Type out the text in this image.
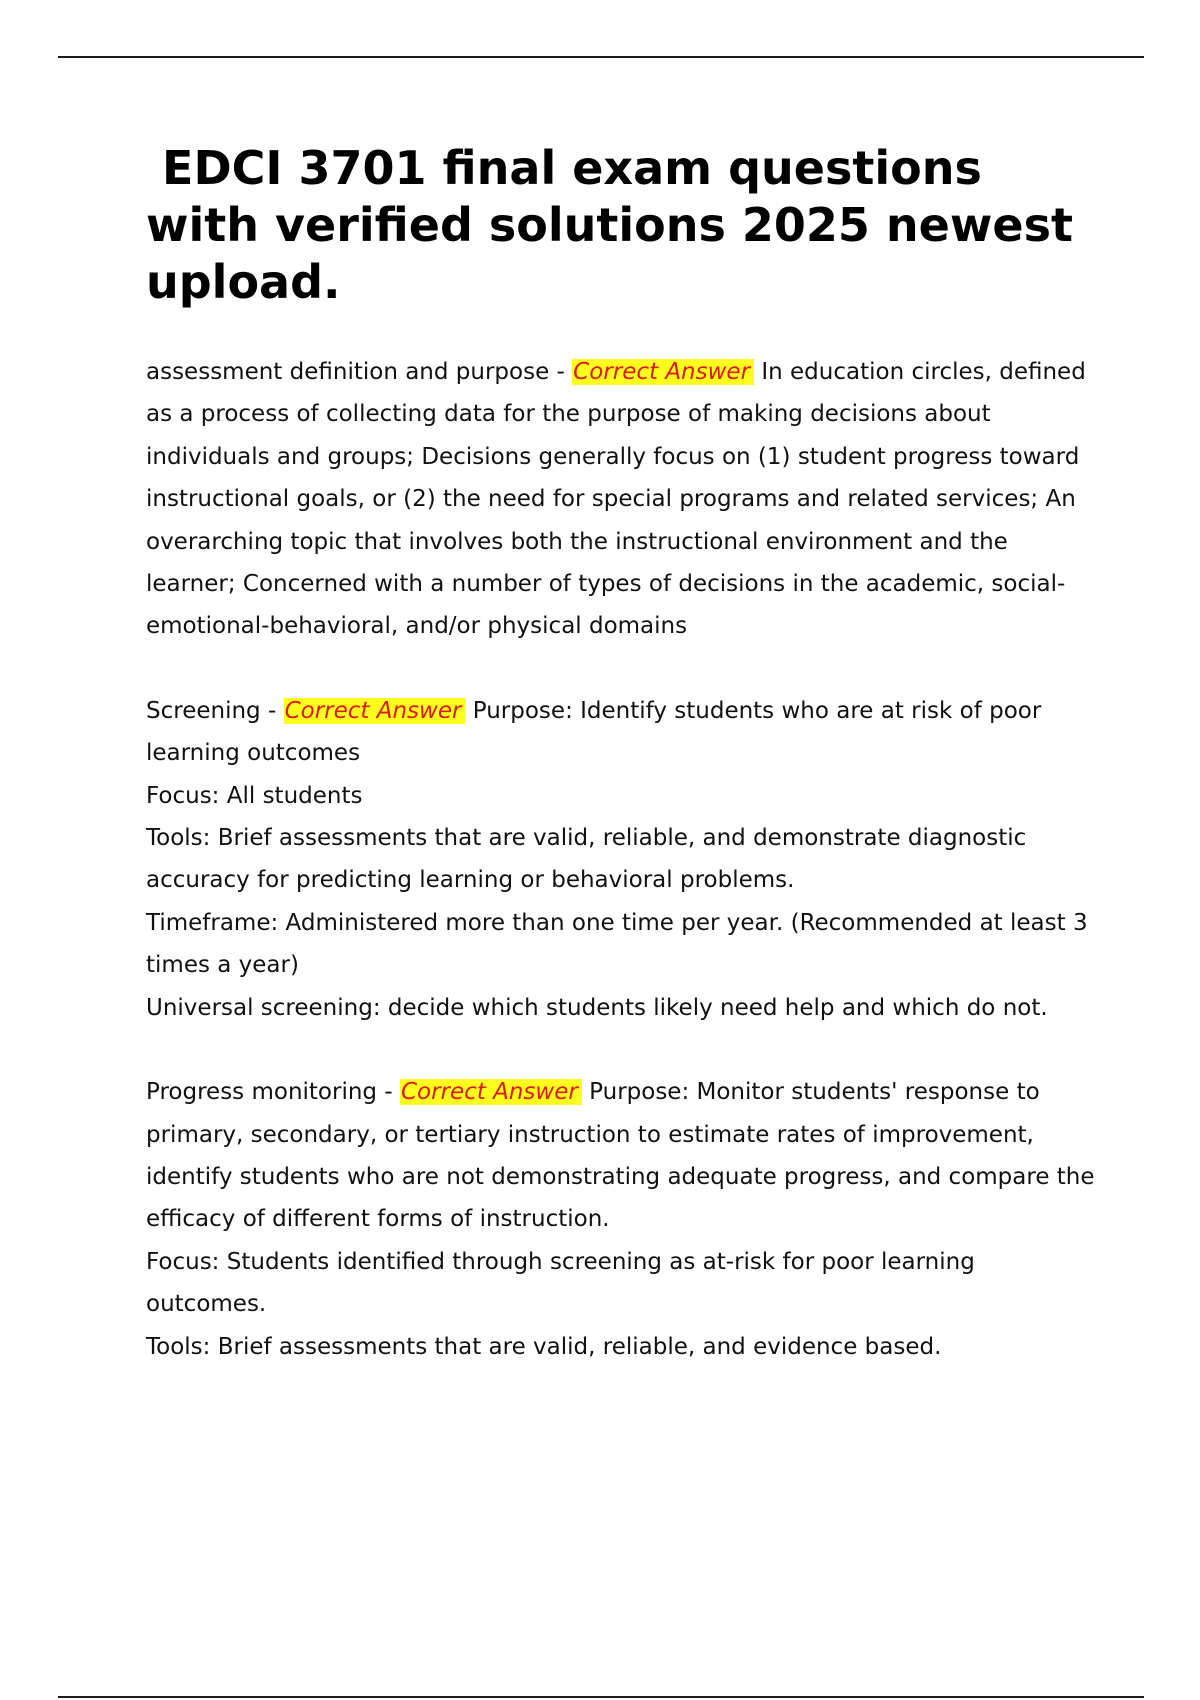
EDCI 3701 final exam questions with verified solutions 2025 newest upload.

assessment definition and purpose - Correct Answer In education circles, defined as a process of collecting data for the purpose of making decisions about individuals and groups; Decisions generally focus on (1) student progress toward instructional goals, or (2) the need for special programs and related services; An overarching topic that involves both the instructional environment and the learner; Concerned with a number of types of decisions in the academic, social-emotional-behavioral, and/or physical domains

Screening - Correct Answer Purpose: Identify students who are at risk of poor learning outcomes

Focus: All students

Tools: Brief assessments that are valid, reliable, and demonstrate diagnostic accuracy for predicting learning or behavioral problems.

Timeframe: Administered more than one time per year. (Recommended at least 3 times a year)

Universal screening: decide which students likely need help and which do not.

Progress monitoring - Correct Answer Purpose: Monitor students' response to primary, secondary, or tertiary instruction to estimate rates of improvement, identify students who are not demonstrating adequate progress, and compare the efficacy of different forms of instruction.

Focus: Students identified through screening as at-risk for poor learning outcomes.

Tools: Brief assessments that are valid, reliable, and evidence based.
